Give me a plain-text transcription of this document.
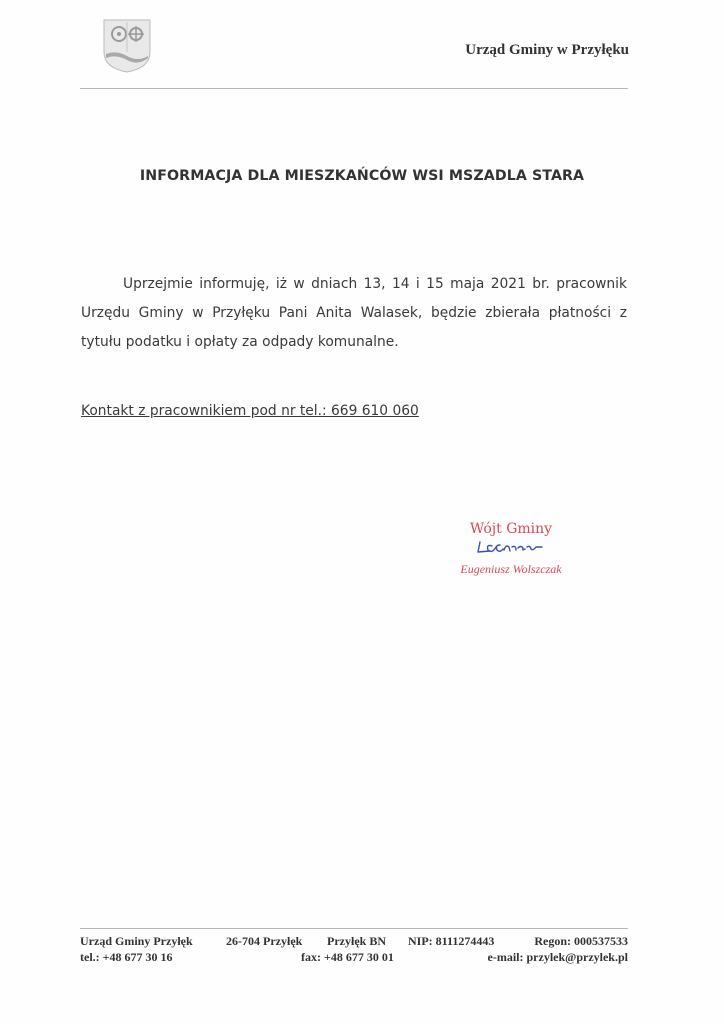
Urząd Gminy w Przyłęku
INFORMACJA DLA MIESZKAŃCÓW WSI MSZADLA STARA

Uprzejmie informuję, iż w dniach 13, 14 i 15 maja 2021 br. pracownik Urzędu Gminy w Przyłęku Pani Anita Walasek, będzie zbierała płatności z tytułu podatku i opłaty za odpady komunalne.

Kontakt z pracownikiem pod nr tel.: 669 610 060
Wójt Gminy
Eugeniusz Wolszczak
Urząd Gminy Przyłęk	26-704 Przyłęk Przyłęk BN NIP: 8111274443	Regon: 000537533
tel.: +48 677 30 16	fax: +48 677 30 01	e-mail: przylek@przylek.pl
